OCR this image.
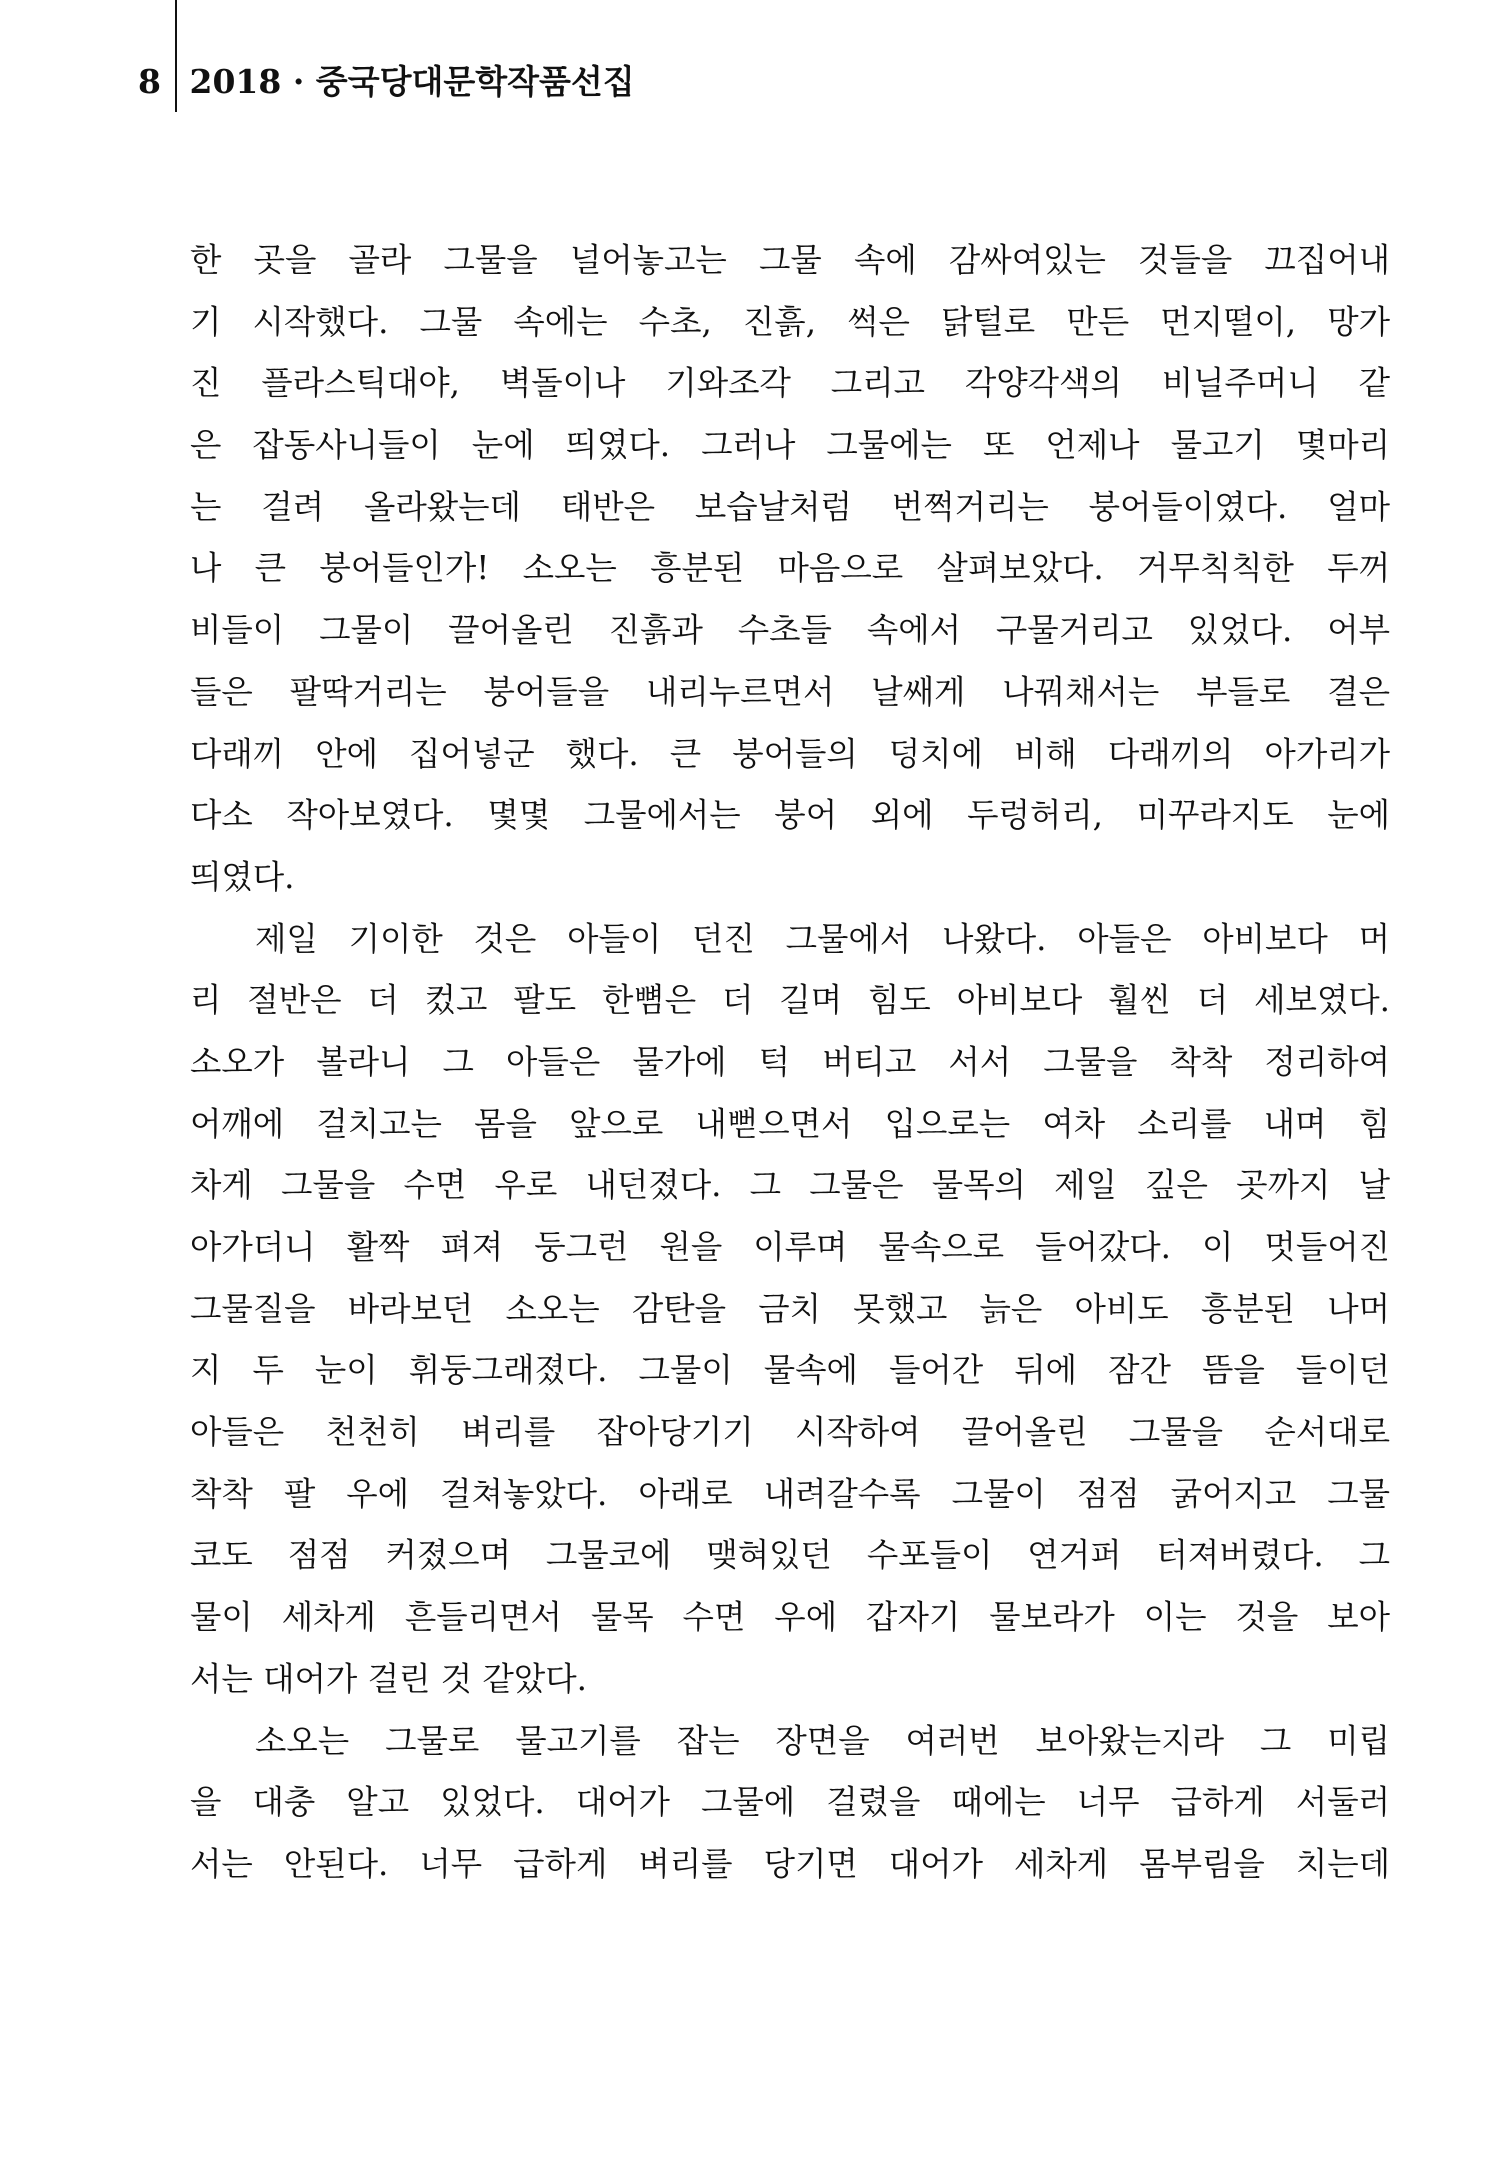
8 2018 · 중국당대문학작품선집
한 곳을 골라 그물을 널어놓고는 그물 속에 감싸여있는 것들을 끄집어내
기 시작했다. 그물 속에는 수초, 진흙, 썩은 닭털로 만든 먼지떨이, 망가
진 플라스틱대야, 벽돌이나 기와조각 그리고 각양각색의 비닐주머니 같
은 잡동사니들이 눈에 띄였다. 그러나 그물에는 또 언제나 물고기 몇마리
는 걸려 올라왔는데 태반은 보습날처럼 번쩍거리는 붕어들이였다. 얼마
나 큰 붕어들인가! 소오는 흥분된 마음으로 살펴보았다. 거무칙칙한 두꺼
비들이 그물이 끌어올린 진흙과 수초들 속에서 구물거리고 있었다. 어부
들은 팔딱거리는 붕어들을 내리누르면서 날쌔게 나꿔채서는 부들로 결은
다래끼 안에 집어넣군 했다. 큰 붕어들의 덩치에 비해 다래끼의 아가리가
다소 작아보였다. 몇몇 그물에서는 붕어 외에 두렁허리, 미꾸라지도 눈에
띄였다.
제일 기이한 것은 아들이 던진 그물에서 나왔다. 아들은 아비보다 머
리 절반은 더 컸고 팔도 한뼘은 더 길며 힘도 아비보다 훨씬 더 세보였다.
소오가 볼라니 그 아들은 물가에 턱 버티고 서서 그물을 착착 정리하여
어깨에 걸치고는 몸을 앞으로 내뻗으면서 입으로는 여차 소리를 내며 힘
차게 그물을 수면 우로 내던졌다. 그 그물은 물목의 제일 깊은 곳까지 날
아가더니 활짝 펴져 둥그런 원을 이루며 물속으로 들어갔다. 이 멋들어진
그물질을 바라보던 소오는 감탄을 금치 못했고 늙은 아비도 흥분된 나머
지 두 눈이 휘둥그래졌다. 그물이 물속에 들어간 뒤에 잠간 뜸을 들이던
아들은 천천히 벼리를 잡아당기기 시작하여 끌어올린 그물을 순서대로
착착 팔 우에 걸쳐놓았다. 아래로 내려갈수록 그물이 점점 굵어지고 그물
코도 점점 커졌으며 그물코에 맺혀있던 수포들이 연거퍼 터져버렸다. 그
물이 세차게 흔들리면서 물목 수면 우에 갑자기 물보라가 이는 것을 보아
서는 대어가 걸린 것 같았다.
소오는 그물로 물고기를 잡는 장면을 여러번 보아왔는지라 그 미립
을 대충 알고 있었다. 대어가 그물에 걸렸을 때에는 너무 급하게 서둘러
서는 안된다. 너무 급하게 벼리를 당기면 대어가 세차게 몸부림을 치는데
